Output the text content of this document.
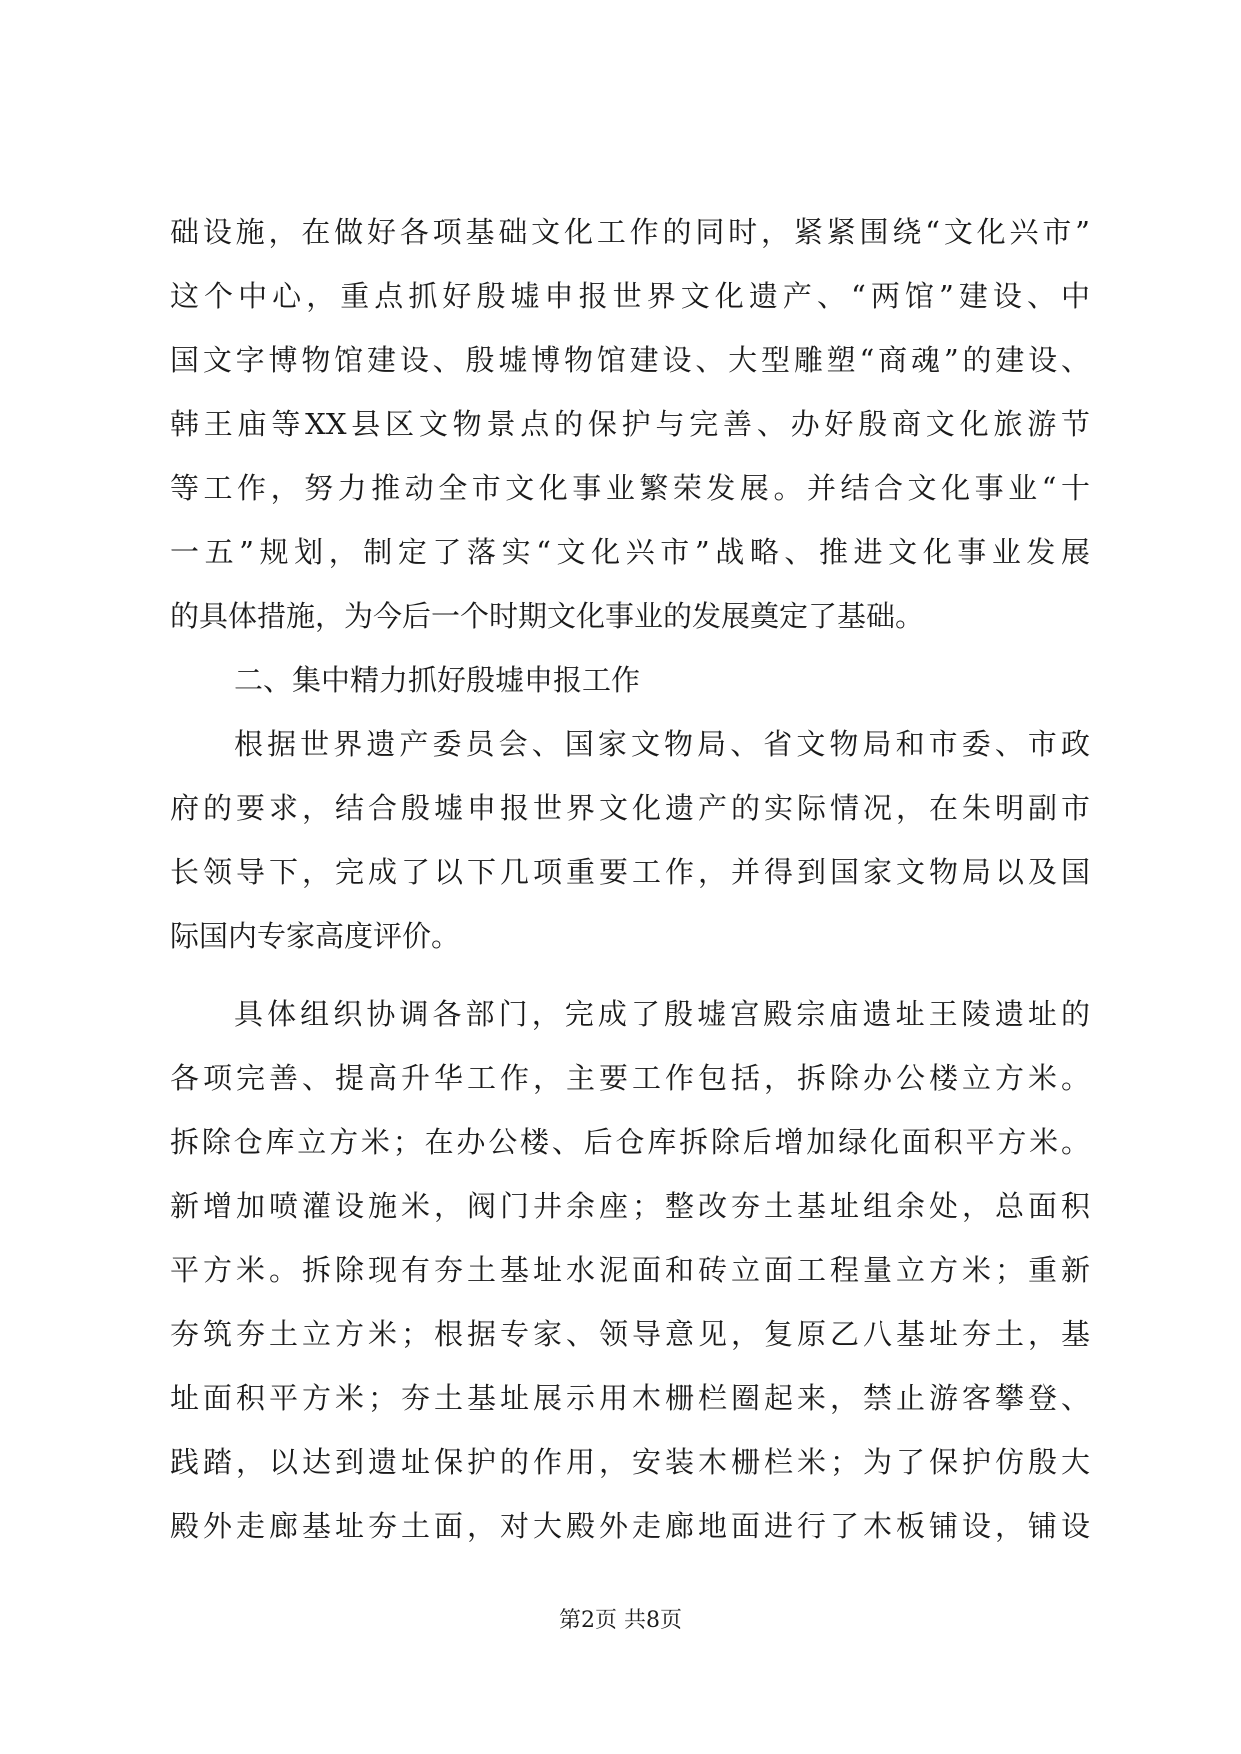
础设施，在做好各项基础文化工作的同时，紧紧围绕“文化兴市”
这个中心，重点抓好殷墟申报世界文化遗产、“两馆”建设、中
国文字博物馆建设、殷墟博物馆建设、大型雕塑“商魂”的建设、
韩王庙等XX县区文物景点的保护与完善、办好殷商文化旅游节
等工作，努力推动全市文化事业繁荣发展。并结合文化事业“十
一五”规划，制定了落实“文化兴市”战略、推进文化事业发展
的具体措施，为今后一个时期文化事业的发展奠定了基础。
二、集中精力抓好殷墟申报工作
根据世界遗产委员会、国家文物局、省文物局和市委、市政
府的要求，结合殷墟申报世界文化遗产的实际情况，在朱明副市
长领导下，完成了以下几项重要工作，并得到国家文物局以及国
际国内专家高度评价。
具体组织协调各部门，完成了殷墟宫殿宗庙遗址王陵遗址的
各项完善、提高升华工作，主要工作包括，拆除办公楼立方米。
拆除仓库立方米；在办公楼、后仓库拆除后增加绿化面积平方米。
新增加喷灌设施米，阀门井余座；整改夯土基址组余处，总面积
平方米。拆除现有夯土基址水泥面和砖立面工程量立方米；重新
夯筑夯土立方米；根据专家、领导意见，复原乙八基址夯土，基
址面积平方米；夯土基址展示用木栅栏圈起来，禁止游客攀登、
践踏，以达到遗址保护的作用，安装木栅栏米；为了保护仿殷大
殿外走廊基址夯土面，对大殿外走廊地面进行了木板铺设，铺设
第2页 共8页
